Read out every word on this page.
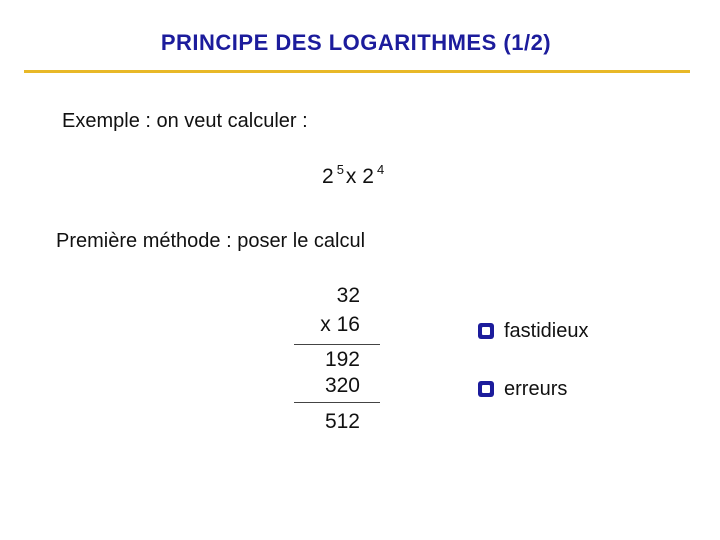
PRINCIPE DES LOGARITHMES (1/2)
Exemple : on veut calculer :
2 $^5$x 2 $^4$
Première méthode : poser le calcul
32
x 16
192
320
512
fastidieux
erreurs
